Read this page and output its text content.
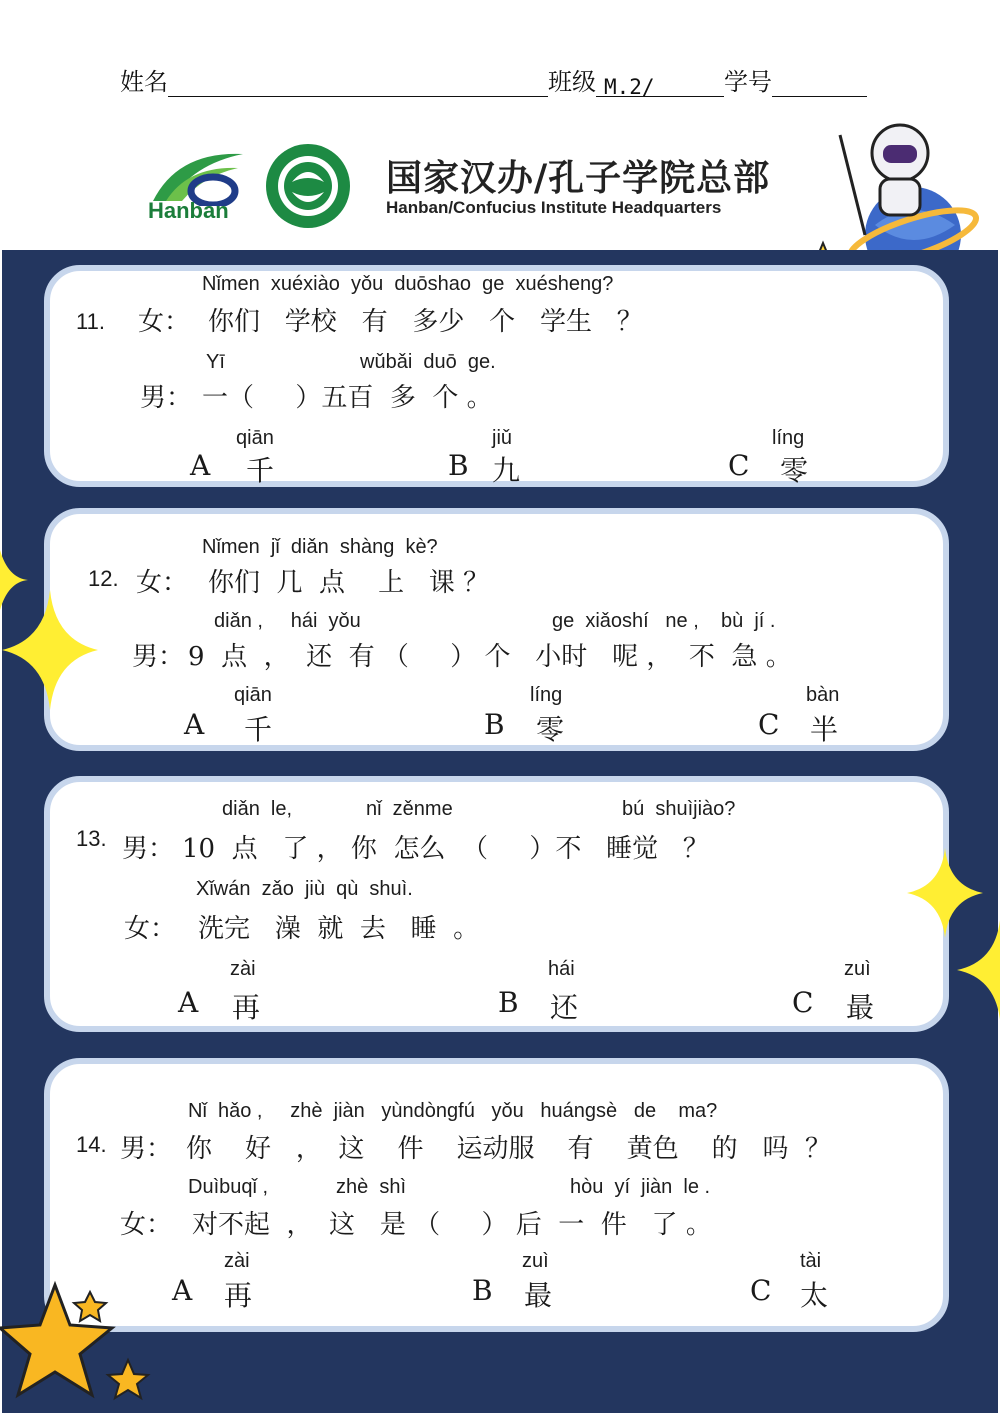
姓名	班级 M.2/	学号
Hanban
国家汉办/孔子学院总部
Hanban/Confucius Institute Headquarters
Nǐmen  xuéxiào  yǒu  duōshao  ge  xuésheng?
11. 女： 你们   学校   有   多少   个   学生   ？
Yī	wǔbǎi  duō  ge.
男： 一（     ）五百  多  个 。
qiān
A 千
jiǔ
B 九
líng
C 零
Nǐmen  jǐ  diǎn  shàng  kè?
12. 女： 你们  几  点    上   课 ？
diǎn ,     hái  yǒu	ge  xiǎoshí   ne ,    bù  jí .
男： 9  点  ，  还  有 （     ） 个   小时   呢 ，  不  急 。
qiān
A 千
líng
B 零
bàn
C 半
diǎn  le,	nǐ  zěnme	bú  shuìjiào?
13. 男： 10  点   了 ， 你  怎么  （     ）不   睡觉   ？
Xǐwán  zǎo  jiù  qù  shuì.
女： 洗完   澡  就  去   睡  。
zài
A 再
hái
B 还
zuì
C 最
Nǐ  hǎo ,     zhè  jiàn   yùndòngfú   yǒu   huángsè   de    ma?
14. 男： 你    好   ，  这    件    运动服    有    黄色    的   吗  ？
Duìbuqǐ ,	zhè  shì	hòu  yí  jiàn  le .
女： 对不起  ，  这   是 （     ） 后  一  件   了 。
zài
A 再
zuì
B 最
tài
C 太
